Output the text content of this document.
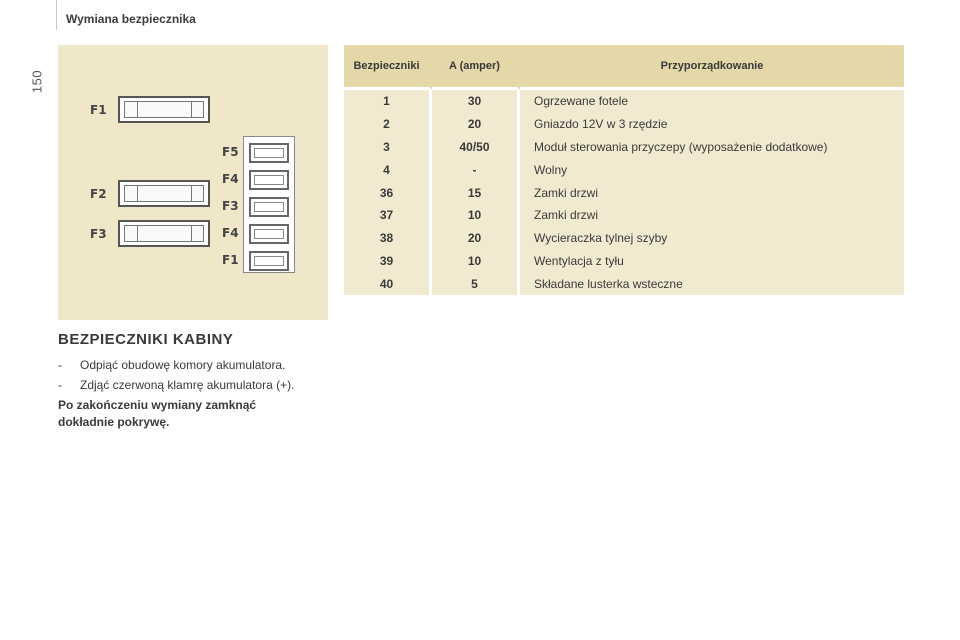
150
Wymiana bezpiecznika
F1
F2
F3
F5
F4
F3
F4
F1
BEZPIECZNIKI KABINY
- Odpiąć obudowę komory akumulatora.
- Zdjąć czerwoną klamrę akumulatora (+).
Po zakończeniu wymiany zamknąć dokładnie pokrywę.
Bezpieczniki	A (amper)	Przyporządkowanie
1	30	Ogrzewane fotele
2	20	Gniazdo 12V w 3 rzędzie
3	40/50	Moduł sterowania przyczepy (wyposażenie dodatkowe)
4	-	Wolny
36	15	Zamki drzwi
37	10	Zamki drzwi
38	20	Wycieraczka tylnej szyby
39	10	Wentylacja z tyłu
40	5	Składane lusterka wsteczne
